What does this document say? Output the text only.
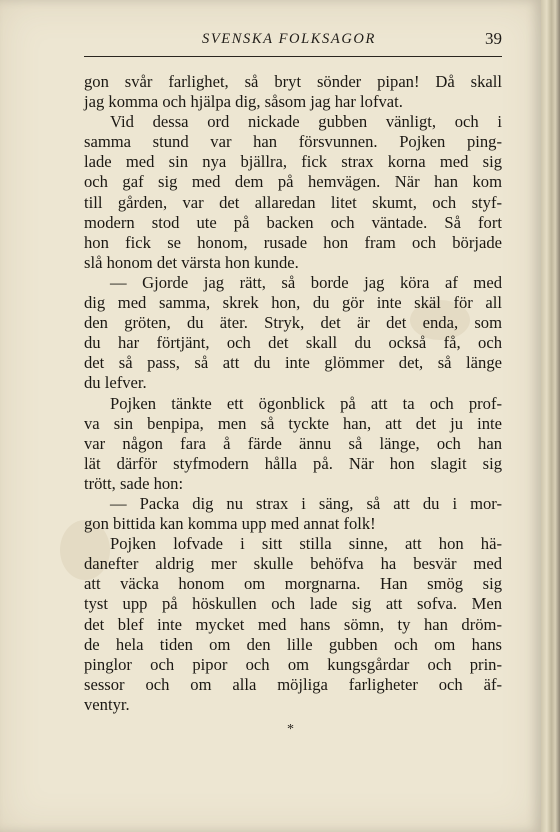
SVENSKA FOLKSAGOR	39
gon svår farlighet, så bryt sönder pipan! Då skall
jag komma och hjälpa dig, såsom jag har lofvat.
Vid dessa ord nickade gubben vänligt, och i
samma stund var han försvunnen. Pojken ping-
lade med sin nya bjällra, fick strax korna med sig
och gaf sig med dem på hemvägen. När han kom
till gården, var det allaredan litet skumt, och styf-
modern stod ute på backen och väntade. Så fort
hon fick se honom, rusade hon fram och började
slå honom det värsta hon kunde.
— Gjorde jag rätt, så borde jag köra af med
dig med samma, skrek hon, du gör inte skäl för all
den gröten, du äter. Stryk, det är det enda, som
du har förtjänt, och det skall du också få, och
det så pass, så att du inte glömmer det, så länge
du lefver.
Pojken tänkte ett ögonblick på att ta och prof-
va sin benpipa, men så tyckte han, att det ju inte
var någon fara å färde ännu så länge, och han
lät därför styfmodern hålla på. När hon slagit sig
trött, sade hon:
— Packa dig nu strax i säng, så att du i mor-
gon bittida kan komma upp med annat folk!
Pojken lofvade i sitt stilla sinne, att hon hä-
danefter aldrig mer skulle behöfva ha besvär med
att väcka honom om morgnarna. Han smög sig
tyst upp på höskullen och lade sig att sofva. Men
det blef inte mycket med hans sömn, ty han dröm-
de hela tiden om den lille gubben och om hans
pinglor och pipor och om kungsgårdar och prin-
sessor och om alla möjliga farligheter och äf-
ventyr.
*
